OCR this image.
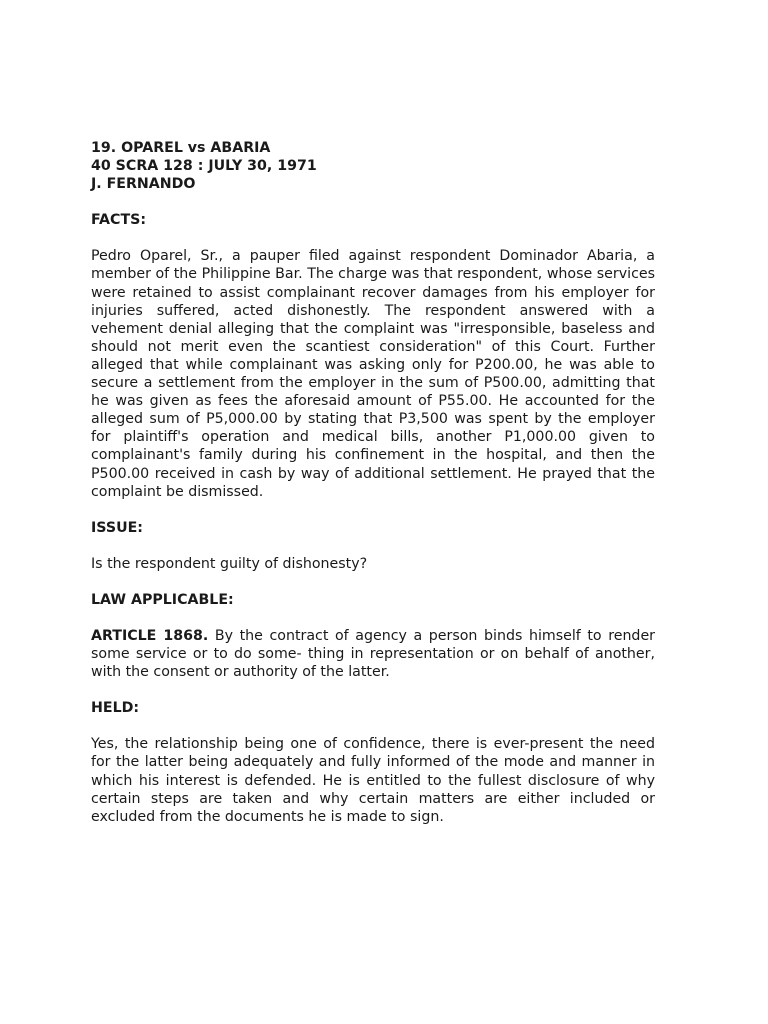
19. OPAREL vs ABARIA
40 SCRA 128 : JULY 30, 1971
J. FERNANDO
FACTS:
Pedro Oparel, Sr., a pauper filed against respondent Dominador Abaria, a member of the Philippine Bar. The charge was that respondent, whose services were retained to assist complainant recover damages from his employer for injuries suffered, acted dishonestly. The respondent answered with a vehement denial alleging that the complaint was "irresponsible, baseless and should not merit even the scantiest consideration" of this Court. Further alleged that while complainant was asking only for P200.00, he was able to secure a settlement from the employer in the sum of P500.00, admitting that he was given as fees the aforesaid amount of P55.00. He accounted for the alleged sum of P5,000.00 by stating that P3,500 was spent by the employer for plaintiff's operation and medical bills, another P1,000.00 given to complainant's family during his confinement in the hospital, and then the P500.00 received in cash by way of additional settlement. He prayed that the complaint be dismissed.
ISSUE:
Is the respondent guilty of dishonesty?
LAW APPLICABLE:
ARTICLE 1868. By the contract of agency a person binds himself to render some service or to do some- thing in representation or on behalf of another, with the consent or authority of the latter.
HELD:
Yes, the relationship being one of confidence, there is ever-present the need for the latter being adequately and fully informed of the mode and manner in which his interest is defended. He is entitled to the fullest disclosure of why certain steps are taken and why certain matters are either included or excluded from the documents he is made to sign.
